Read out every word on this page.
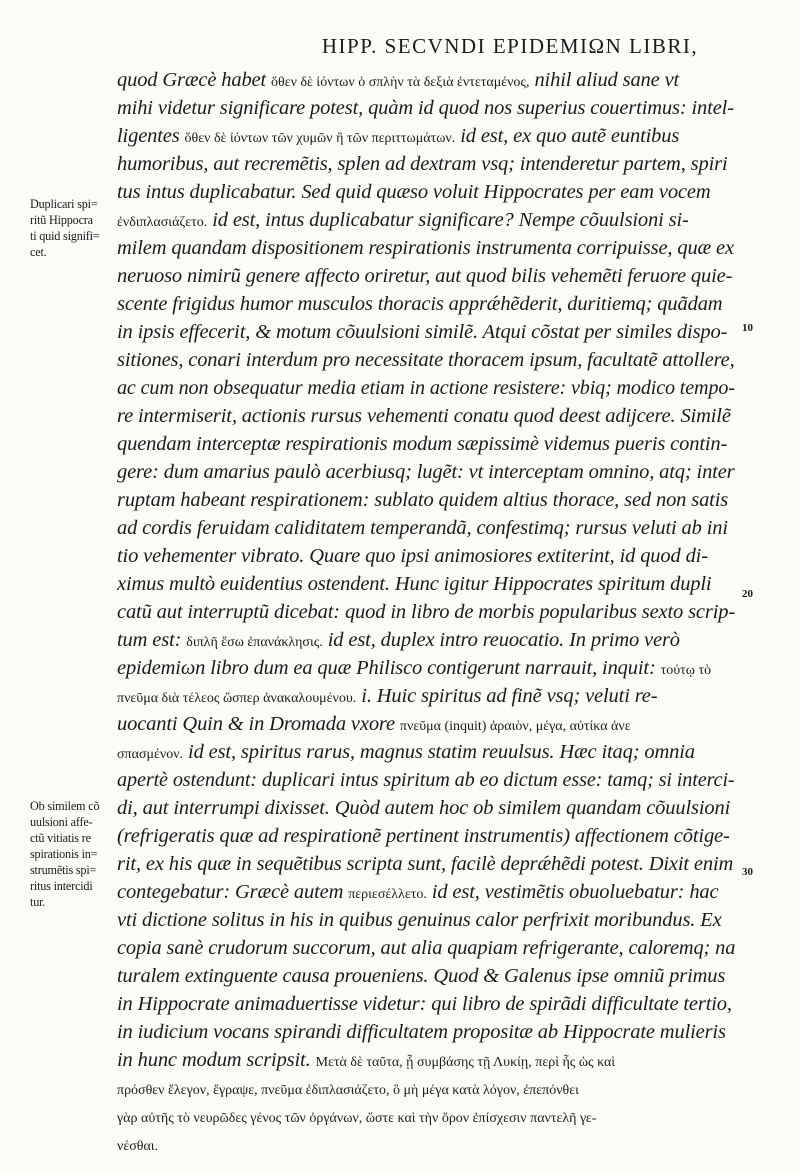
HIPP. SECVNDI EPIDEMIΩN LIBRI,
quod Græcè habet ὅθεν δὲ ἰόντων ὁ σπλὴν τὰ δεξιὰ ἐντεταμένος, nihil aliud sane vt
mihi videtur significare potest, quàm id quod nos superius couertimus: intel-
ligentes ὅθεν δὲ ἰόντων τῶν χυμῶν ἢ τῶν περιττωμάτων. id est, ex quo autẽ euntibus
humoribus, aut recremẽtis, splen ad dextram vsq; intenderetur partem, spiri
tus intus duplicabatur. Sed quid quæso voluit Hippocrates per eam vocem
ἐνδιπλασιάζετο. id est, intus duplicabatur significare? Nempe cõuulsioni si-
milem quandam dispositionem respirationis instrumenta corripuisse, quæ ex
neruoso nimirũ genere affecto oriretur, aut quod bilis vehemẽti feruore quie-
scente frigidus humor musculos thoracis apprǽhẽderit, duritiemq; quãdam
in ipsis effecerit, & motum cõuulsioni similẽ. Atqui cõstat per similes dispo-
sitiones, conari interdum pro necessitate thoracem ipsum, facultatẽ attollere,
ac cum non obsequatur media etiam in actione resistere: vbiq; modico tempo-
re intermiserit, actionis rursus vehementi conatu quod deest adijcere. Similẽ
quendam interceptæ respirationis modum sæpissimè videmus pueris contin-
gere: dum amarius paulò acerbiusq; lugẽt: vt interceptam omnino, atq; inter
ruptam habeant respirationem: sublato quidem altius thorace, sed non satis
ad cordis feruidam caliditatem temperandã, confestimq; rursus veluti ab ini
tio vehementer vibrato. Quare quo ipsi animosiores extiterint, id quod di-
ximus multò euidentius ostendent. Hunc igitur Hippocrates spiritum dupli
catũ aut interruptũ dicebat: quod in libro de morbis popularibus sexto scrip-
tum est: διπλῆ ἔσω ἐπανάκλησις. id est, duplex intro reuocatio. In primo verò
epidemiωn libro dum ea quæ Philisco contigerunt narrauit, inquit: τούτῳ τὸ
πνεῦμα διὰ τέλεος ὥσπερ ἀνακαλουμένου. i. Huic spiritus ad finẽ vsq; veluti re-
uocanti Quin & in Dromada vxore πνεῦμα (inquit) ἀραιὸν, μέγα, αὐτίκα ἀνε
σπασμένον. id est, spiritus rarus, magnus statim reuulsus. Hæc itaq; omnia
apertè ostendunt: duplicari intus spiritum ab eo dictum esse: tamq; si interci-
di, aut interrumpi dixisset. Quòd autem hoc ob similem quandam cõuulsioni
(refrigeratis quæ ad respirationẽ pertinent instrumentis) affectionem cõtige-
rit, ex his quæ in sequẽtibus scripta sunt, facilè deprǽhẽdi potest. Dixit enim
contegebatur: Græcè autem περιεσέλλετο. id est, vestimẽtis obuoluebatur: hac
vti dictione solitus in his in quibus genuinus calor perfrixit moribundus. Ex
copia sanè crudorum succorum, aut alia quapiam refrigerante, caloremq; na
turalem extinguente causa proueniens. Quod & Galenus ipse omniũ primus
in Hippocrate animaduertisse videtur: qui libro de spirãdi difficultate tertio,
in iudicium vocans spirandi difficultatem propositæ ab Hippocrate mulieris
in hunc modum scripsit. Μετὰ δὲ ταῦτα, ᾗ συμβάσης τῇ Λυκίῃ, περὶ ἧς ὡς καὶ
πρόσθεν ἔλεγον, ἔγραψε, πνεῦμα ἐδιπλασιάζετο, ὃ μὴ μέγα κατὰ λόγον, ἐπεπόνθει
γὰρ αὐτῆς τὸ νευρῶδες γένος τῶν ὀργάνων, ὥστε καὶ τὴν ὅρον ἐπίσχεσιν παντελῆ γε-
νέσθαι.
Duplicari spi=
ritũ Hippocra
ti quid signifi=
cet.
Ob similem cõ
uulsioni affe-
ctũ vitiatis re
spirationis in=
strumẽtis spi=
ritus intercidi
tur.
10
20
30
